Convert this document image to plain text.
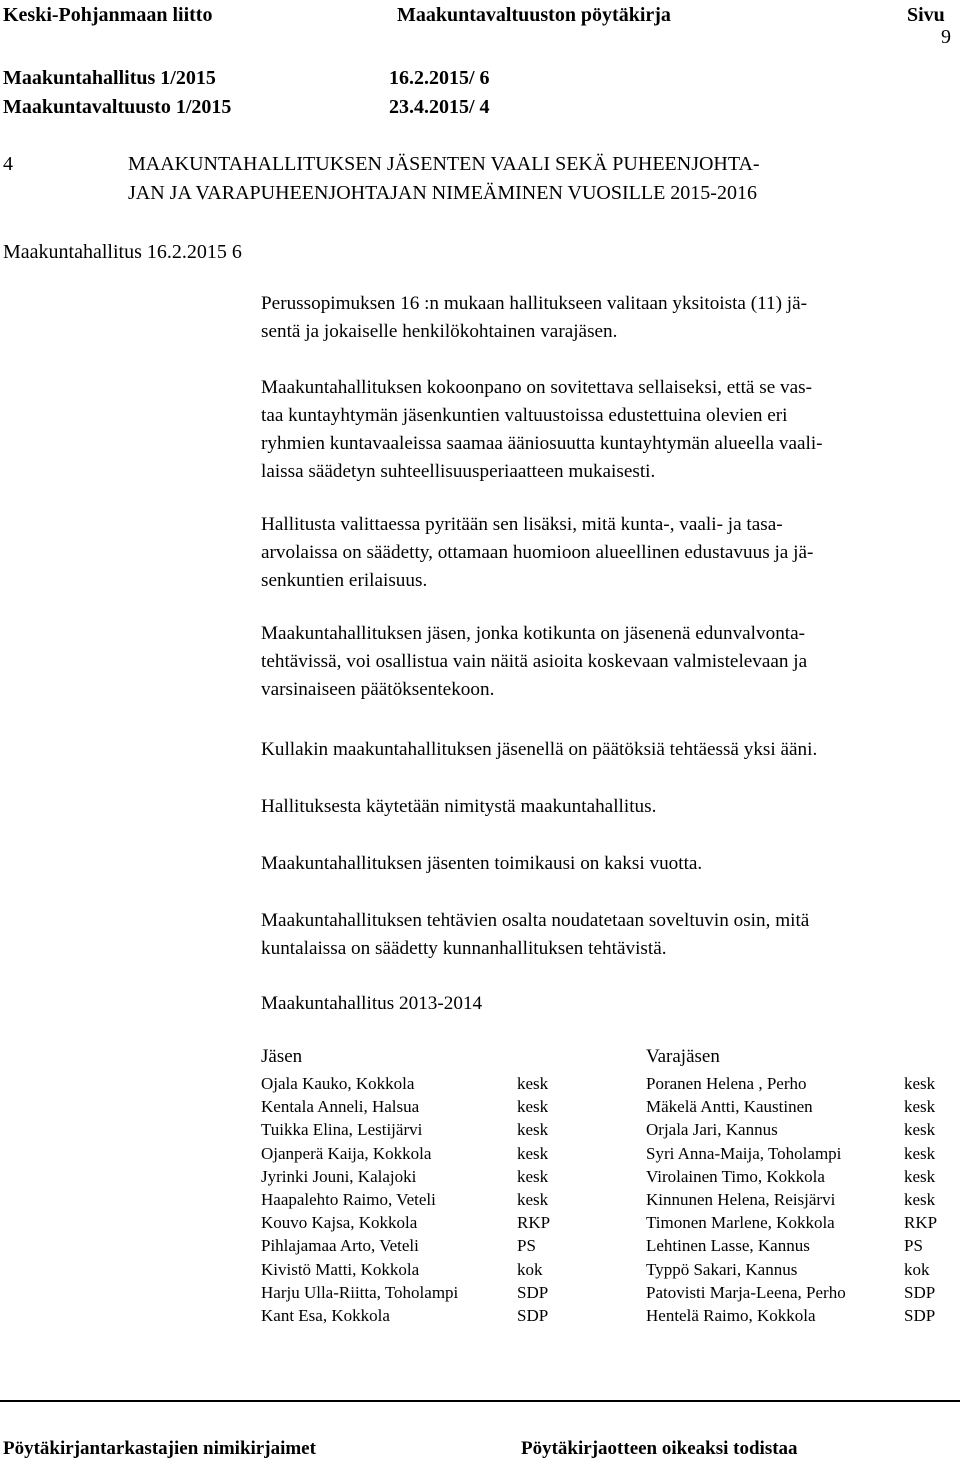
Keski-Pohjanmaan liitto	Maakuntavaltuuston pöytäkirja	Sivu
9
Maakuntahallitus 1/2015	16.2.2015/ 6
Maakuntavaltuusto 1/2015	23.4.2015/ 4
4	MAAKUNTAHALLITUKSEN JÄSENTEN VAALI SEKÄ PUHEENJOHTA-
JAN JA VARAPUHEENJOHTAJAN NIMEÄMINEN VUOSILLE 2015-2016
Maakuntahallitus 16.2.2015 6
Perussopimuksen 16 :n mukaan hallitukseen valitaan yksitoista (11) jä-
sentä ja jokaiselle henkilökohtainen varajäsen.
Maakuntahallituksen kokoonpano on sovitettava sellaiseksi, että se vas-
taa kuntayhtymän jäsenkuntien valtuustoissa edustettuina olevien eri
ryhmien kuntavaaleissa saamaa ääniosuutta kuntayhtymän alueella vaali-
laissa säädetyn suhteellisuusperiaatteen mukaisesti.
Hallitusta valittaessa pyritään sen lisäksi, mitä kunta-, vaali- ja tasa-
arvolaissa on säädetty, ottamaan huomioon alueellinen edustavuus ja jä-
senkuntien erilaisuus.
Maakuntahallituksen jäsen, jonka kotikunta on jäsenenä edunvalvonta-
tehtävissä, voi osallistua vain näitä asioita koskevaan valmistelevaan ja
varsinaiseen päätöksentekoon.
Kullakin maakuntahallituksen jäsenellä on päätöksiä tehtäessä yksi ääni.
Hallituksesta käytetään nimitystä maakuntahallitus.
Maakuntahallituksen jäsenten toimikausi on kaksi vuotta.
Maakuntahallituksen tehtävien osalta noudatetaan soveltuvin osin, mitä
kuntalaissa on säädetty kunnanhallituksen tehtävistä.
Maakuntahallitus 2013-2014
Jäsen	Varajäsen
Ojala Kauko, Kokkola	kesk	Poranen Helena , Perho	kesk
Kentala Anneli, Halsua	kesk	Mäkelä Antti, Kaustinen	kesk
Tuikka Elina, Lestijärvi	kesk	Orjala Jari, Kannus	kesk
Ojanperä Kaija, Kokkola	kesk	Syri Anna-Maija, Toholampi	kesk
Jyrinki Jouni, Kalajoki	kesk	Virolainen Timo, Kokkola	kesk
Haapalehto Raimo, Veteli	kesk	Kinnunen Helena, Reisjärvi	kesk
Kouvo Kajsa, Kokkola	RKP	Timonen Marlene, Kokkola	RKP
Pihlajamaa Arto, Veteli	PS	Lehtinen Lasse, Kannus	PS
Kivistö Matti, Kokkola	kok	Typpö Sakari, Kannus	kok
Harju Ulla-Riitta, Toholampi	SDP	Patovisti Marja-Leena, Perho	SDP
Kant Esa, Kokkola	SDP	Hentelä Raimo, Kokkola	SDP
Pöytäkirjantarkastajien nimikirjaimet	Pöytäkirjaotteen oikeaksi todistaa
